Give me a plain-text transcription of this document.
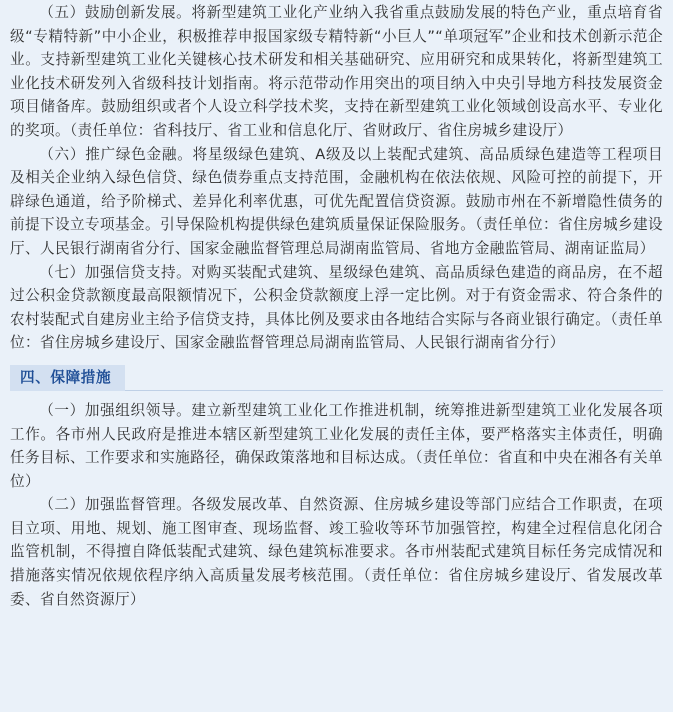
（五）鼓励创新发展。将新型建筑工业化产业纳入我省重点鼓励发展的特色产业，重点培育省级“专精特新”中小企业，积极推荐申报国家级专精特新“小巨人”“单项冠军”企业和技术创新示范企业。支持新型建筑工业化关键核心技术研发和相关基础研究、应用研究和成果转化，将新型建筑工业化技术研发列入省级科技计划指南。将示范带动作用突出的项目纳入中央引导地方科技发展资金项目储备库。鼓励组织或者个人设立科学技术奖，支持在新型建筑工业化领域创设高水平、专业化的奖项。（责任单位：省科技厅、省工业和信息化厅、省财政厅、省住房城乡建设厅）

（六）推广绿色金融。将星级绿色建筑、A级及以上装配式建筑、高品质绿色建造等工程项目及相关企业纳入绿色信贷、绿色债券重点支持范围，金融机构在依法依规、风险可控的前提下，开辟绿色通道，给予阶梯式、差异化利率优惠，可优先配置信贷资源。鼓励市州在不新增隐性债务的前提下设立专项基金。引导保险机构提供绿色建筑质量保证保险服务。（责任单位：省住房城乡建设厅、人民银行湖南省分行、国家金融监督管理总局湖南监管局、省地方金融监管局、湖南证监局）

（七）加强信贷支持。对购买装配式建筑、星级绿色建筑、高品质绿色建造的商品房，在不超过公积金贷款额度最高限额情况下，公积金贷款额度上浮一定比例。对于有资金需求、符合条件的农村装配式自建房业主给予信贷支持，具体比例及要求由各地结合实际与各商业银行确定。（责任单位：省住房城乡建设厅、国家金融监督管理总局湖南监管局、人民银行湖南省分行）

四、保障措施

（一）加强组织领导。建立新型建筑工业化工作推进机制，统筹推进新型建筑工业化发展各项工作。各市州人民政府是推进本辖区新型建筑工业化发展的责任主体，要严格落实主体责任，明确任务目标、工作要求和实施路径，确保政策落地和目标达成。（责任单位：省直和中央在湘各有关单位）

（二）加强监督管理。各级发展改革、自然资源、住房城乡建设等部门应结合工作职责，在项目立项、用地、规划、施工图审查、现场监督、竣工验收等环节加强管控，构建全过程信息化闭合监管机制，不得擅自降低装配式建筑、绿色建筑标准要求。各市州装配式建筑目标任务完成情况和措施落实情况依规依程序纳入高质量发展考核范围。（责任单位：省住房城乡建设厅、省发展改革委、省自然资源厅）
